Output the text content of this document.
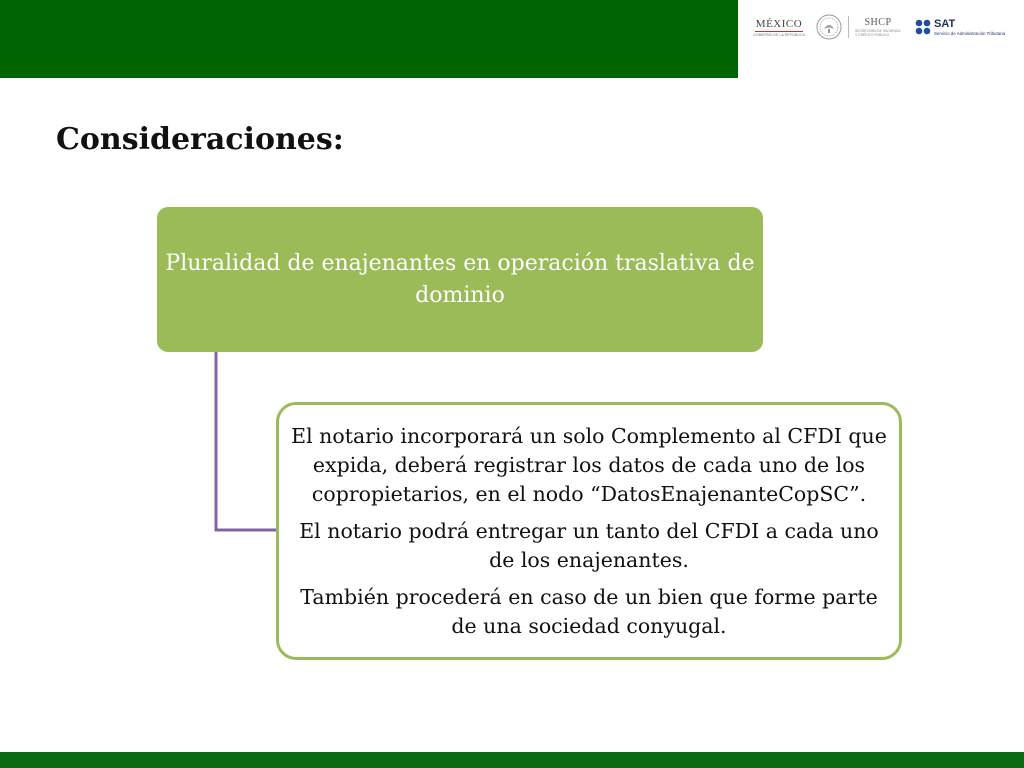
MÉXICO
GOBIERNO DE LA REPÚBLICA
SHCP
SECRETARÍA DE HACIENDA Y CRÉDITO PÚBLICO
SAT
Servicio de Administración Tributaria
Consideraciones:
Pluralidad de enajenantes en operación traslativa de dominio

El notario incorporará un solo Complemento al CFDI que expida, deberá registrar los datos de cada uno de los copropietarios, en el nodo “DatosEnajenanteCopSC”.

El notario podrá entregar un tanto del CFDI a cada uno de los enajenantes.

También procederá en caso de un bien que forme parte de una sociedad conyugal.
